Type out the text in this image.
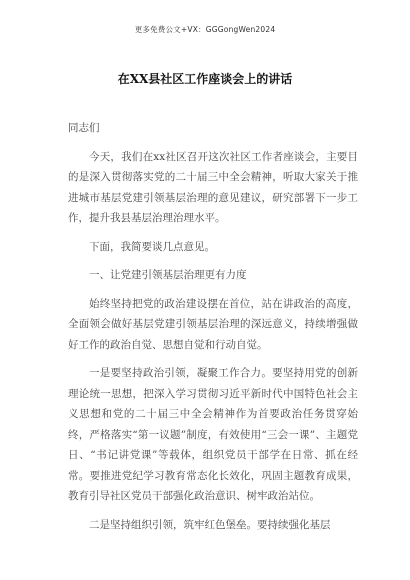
更多免费公文+VX：GGGongWen2024
在XX县社区工作座谈会上的讲话

同志们

今天，我们在xx社区召开这次社区工作者座谈会，主要目的是深入贯彻落实党的二十届三中全会精神，听取大家关于推进城市基层党建引领基层治理的意见建议，研究部署下一步工作，提升我县基层治理治理水平。

下面，我简要谈几点意见。

一、让党建引领基层治理更有力度

始终坚持把党的政治建设摆在首位，站在讲政治的高度，全面领会做好基层党建引领基层治理的深远意义，持续增强做好工作的政治自觉、思想自觉和行动自觉。

一是要坚持政治引领，凝聚工作合力。要坚持用党的创新理论统一思想，把深入学习贯彻习近平新时代中国特色社会主义思想和党的二十届三中全会精神作为首要政治任务贯穿始终，严格落实“第一议题”制度，有效使用“三会一课”、主题党日、“书记讲党课”等载体，组织党员干部学在日常、抓在经常。要推进党纪学习教育常态化长效化，巩固主题教育成果，教育引导社区党员干部强化政治意识、树牢政治站位。

二是坚持组织引领，筑牢红色堡垒。要持续强化基层
